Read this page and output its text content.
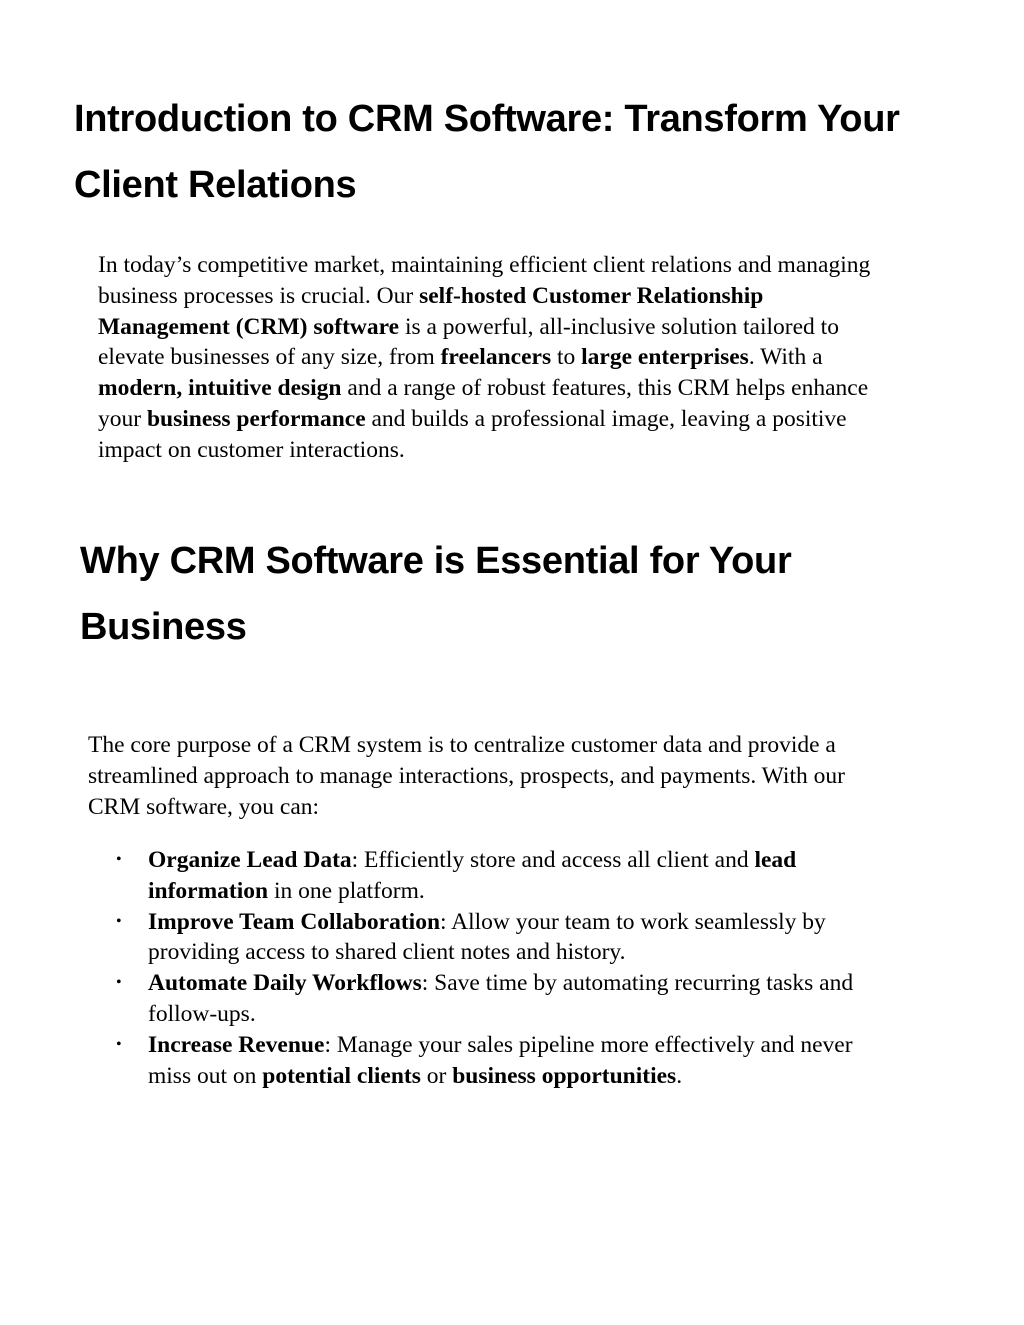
Introduction to CRM Software: Transform Your Client Relations

In today’s competitive market, maintaining efficient client relations and managing business processes is crucial. Our self-hosted Customer Relationship Management (CRM) software is a powerful, all-inclusive solution tailored to elevate businesses of any size, from freelancers to large enterprises. With a modern, intuitive design and a range of robust features, this CRM helps enhance your business performance and builds a professional image, leaving a positive impact on customer interactions.

Why CRM Software is Essential for Your Business

The core purpose of a CRM system is to centralize customer data and provide a streamlined approach to manage interactions, prospects, and payments. With our CRM software, you can:

• Organize Lead Data: Efficiently store and access all client and lead information in one platform.
• Improve Team Collaboration: Allow your team to work seamlessly by providing access to shared client notes and history.
• Automate Daily Workflows: Save time by automating recurring tasks and follow-ups.
• Increase Revenue: Manage your sales pipeline more effectively and never miss out on potential clients or business opportunities.
